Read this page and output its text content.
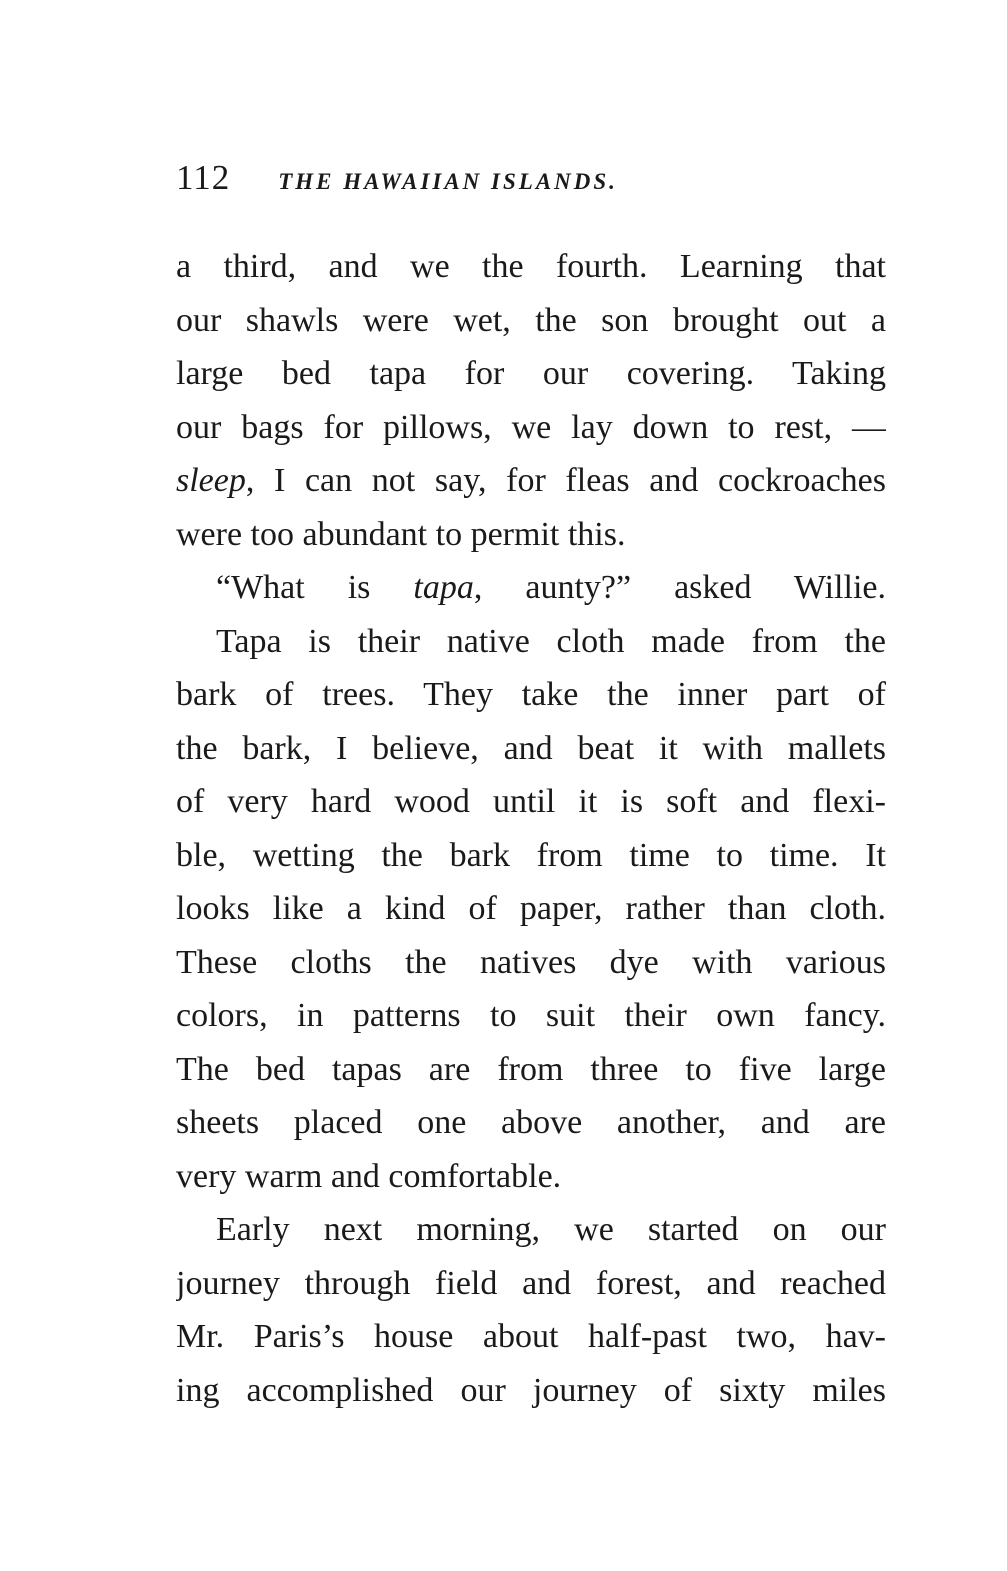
112 THE HAWAIIAN ISLANDS.
a third, and we the fourth. Learning that
our shawls were wet, the son brought out a
large bed tapa for our covering. Taking
our bags for pillows, we lay down to rest, —
sleep, I can not say, for fleas and cockroaches
were too abundant to permit this.
“What is tapa, aunty?” asked Willie.
Tapa is their native cloth made from the
bark of trees. They take the inner part of
the bark, I believe, and beat it with mallets
of very hard wood until it is soft and flexi-
ble, wetting the bark from time to time. It
looks like a kind of paper, rather than cloth.
These cloths the natives dye with various
colors, in patterns to suit their own fancy.
The bed tapas are from three to five large
sheets placed one above another, and are
very warm and comfortable.
Early next morning, we started on our
journey through field and forest, and reached
Mr. Paris’s house about half-past two, hav-
ing accomplished our journey of sixty miles
